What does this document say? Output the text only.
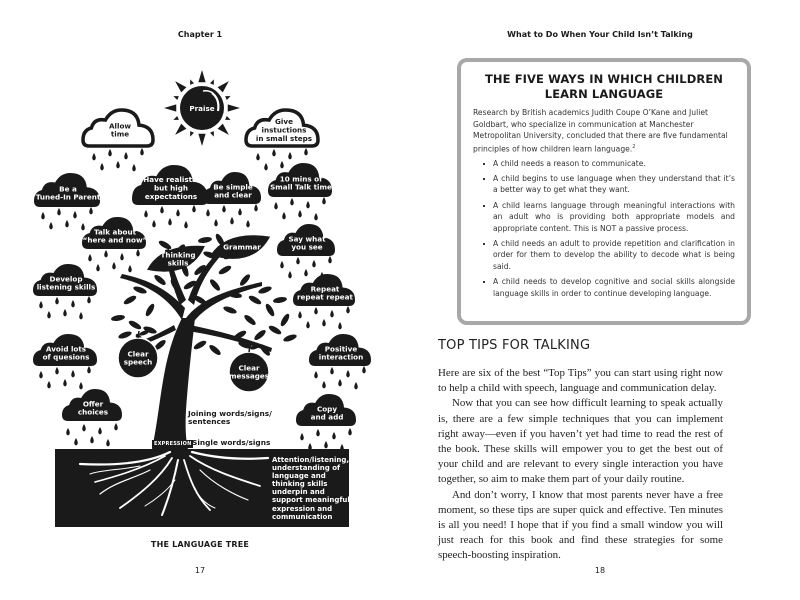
Chapter 1
Praise
Allow
time
Give
instuctions
in small steps
Be a
Tuned-In Parent
Have realistic
but high
expectations
Be simple
and clear
10 mins of
Small Talk time
Talk about
“here and now”	Say what
you see
Develop
listening skills	Repeat
repeat repeat
Avoid lots
of quesions
Positive
interaction
Offer
choices	Copy
and add
Thinking
skills
Grammar
Clear
speech
Clear
messages
Joining words/signs/ sentences
EXPRESSION Single words/signs
Attention/listening, understanding of language and thinking skills underpin and support meaningful expression and communication
THE LANGUAGE TREE
17
What to Do When Your Child Isn’t Talking
THE FIVE WAYS IN WHICH CHILDREN LEARN LANGUAGE
Research by British academics Judith Coupe O’Kane and Juliet Goldbart, who specialize in communication at Manchester Metropolitan University, concluded that there are five fundamental principles of how children learn language.$^2$
A child needs a reason to communicate.
A child begins to use language when they understand that it’s a better way to get what they want.
A child learns language through meaningful interactions with an adult who is providing both appropriate models and appropriate content. This is NOT a passive process.
A child needs an adult to provide repetition and clarification in order for them to develop the ability to decode what is being said.
A child needs to develop cognitive and social skills alongside language skills in order to continue developing language.
TOP TIPS FOR TALKING

Here are six of the best “Top Tips” you can start using right now to help a child with speech, language and communication delay.

Now that you can see how difficult learning to speak actually is, there are a few simple techniques that you can implement right away—even if you haven’t yet had time to read the rest of the book. These skills will empower you to get the best out of your child and are relevant to every single interaction you have together, so aim to make them part of your daily routine.

And don’t worry, I know that most parents never have a free moment, so these tips are super quick and effective. Ten minutes is all you need! I hope that if you find a small window you will just reach for this book and find these strategies for some speech-boosting inspiration.

18
